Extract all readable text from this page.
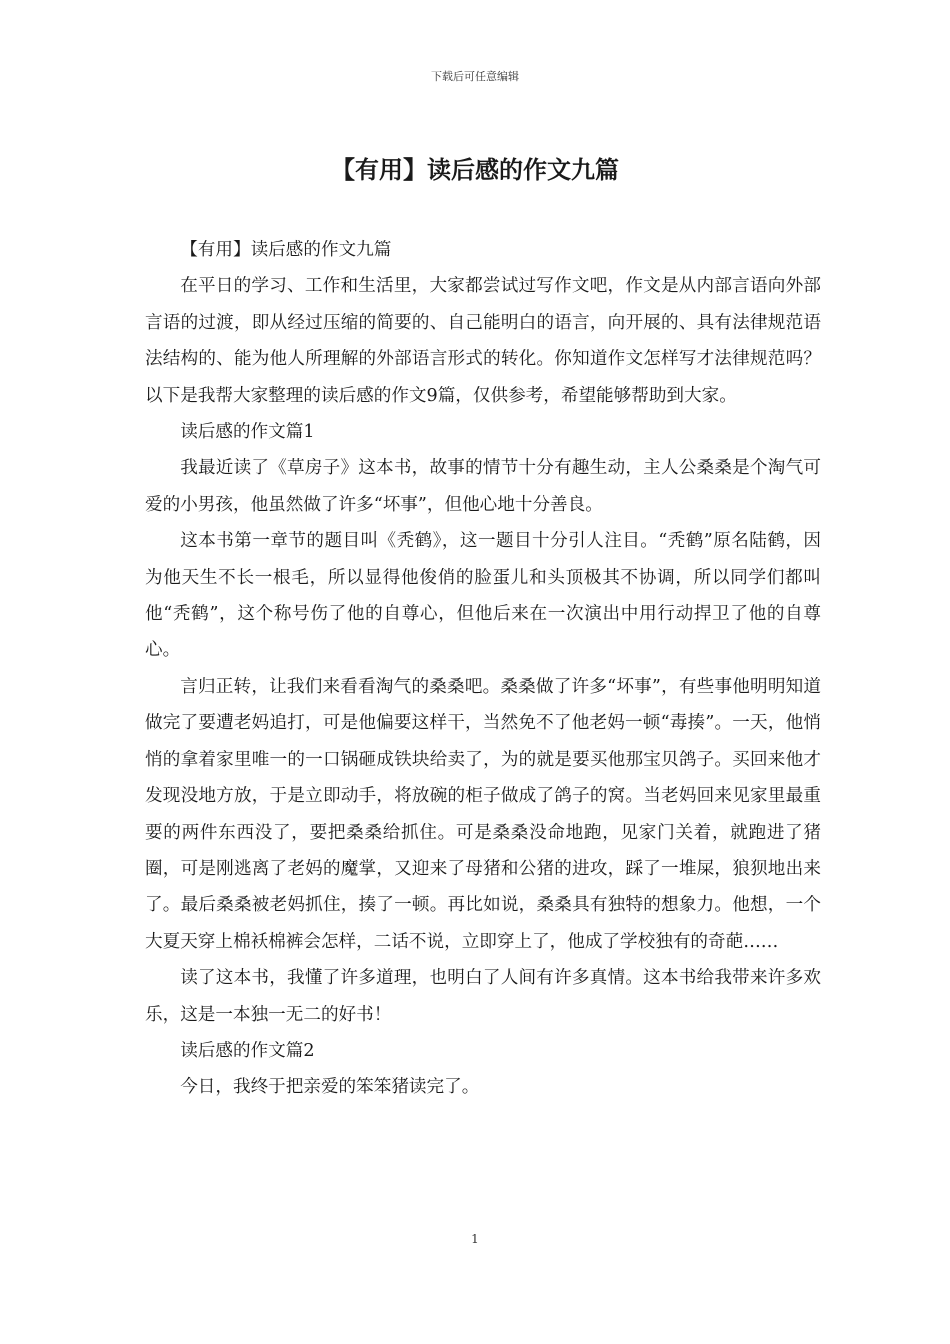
下载后可任意编辑
【有用】读后感的作文九篇

【有用】读后感的作文九篇

在平日的学习、工作和生活里，大家都尝试过写作文吧，作文是从内部言语向外部言语的过渡，即从经过压缩的简要的、自己能明白的语言，向开展的、具有法律规范语法结构的、能为他人所理解的外部语言形式的转化。你知道作文怎样写才法律规范吗？以下是我帮大家整理的读后感的作文9篇，仅供参考，希望能够帮助到大家。

读后感的作文篇1

我最近读了《草房子》这本书，故事的情节十分有趣生动，主人公桑桑是个淘气可爱的小男孩，他虽然做了许多“坏事”，但他心地十分善良。

这本书第一章节的题目叫《秃鹤》，这一题目十分引人注目。“秃鹤”原名陆鹤，因为他天生不长一根毛，所以显得他俊俏的脸蛋儿和头顶极其不协调，所以同学们都叫他“秃鹤”，这个称号伤了他的自尊心，但他后来在一次演出中用行动捍卫了他的自尊心。

言归正转，让我们来看看淘气的桑桑吧。桑桑做了许多“坏事”，有些事他明明知道做完了要遭老妈追打，可是他偏要这样干，当然免不了他老妈一顿“毒揍”。一天，他悄悄的拿着家里唯一的一口锅砸成铁块给卖了，为的就是要买他那宝贝鸽子。买回来他才发现没地方放，于是立即动手，将放碗的柜子做成了鸽子的窝。当老妈回来见家里最重要的两件东西没了，要把桑桑给抓住。可是桑桑没命地跑，见家门关着，就跑进了猪圈，可是刚逃离了老妈的魔掌，又迎来了母猪和公猪的进攻，踩了一堆屎，狼狈地出来了。最后桑桑被老妈抓住，揍了一顿。再比如说，桑桑具有独特的想象力。他想，一个大夏天穿上棉袄棉裤会怎样，二话不说，立即穿上了，他成了学校独有的奇葩……

读了这本书，我懂了许多道理，也明白了人间有许多真情。这本书给我带来许多欢乐，这是一本独一无二的好书！

读后感的作文篇2

今日，我终于把亲爱的笨笨猪读完了。

1
